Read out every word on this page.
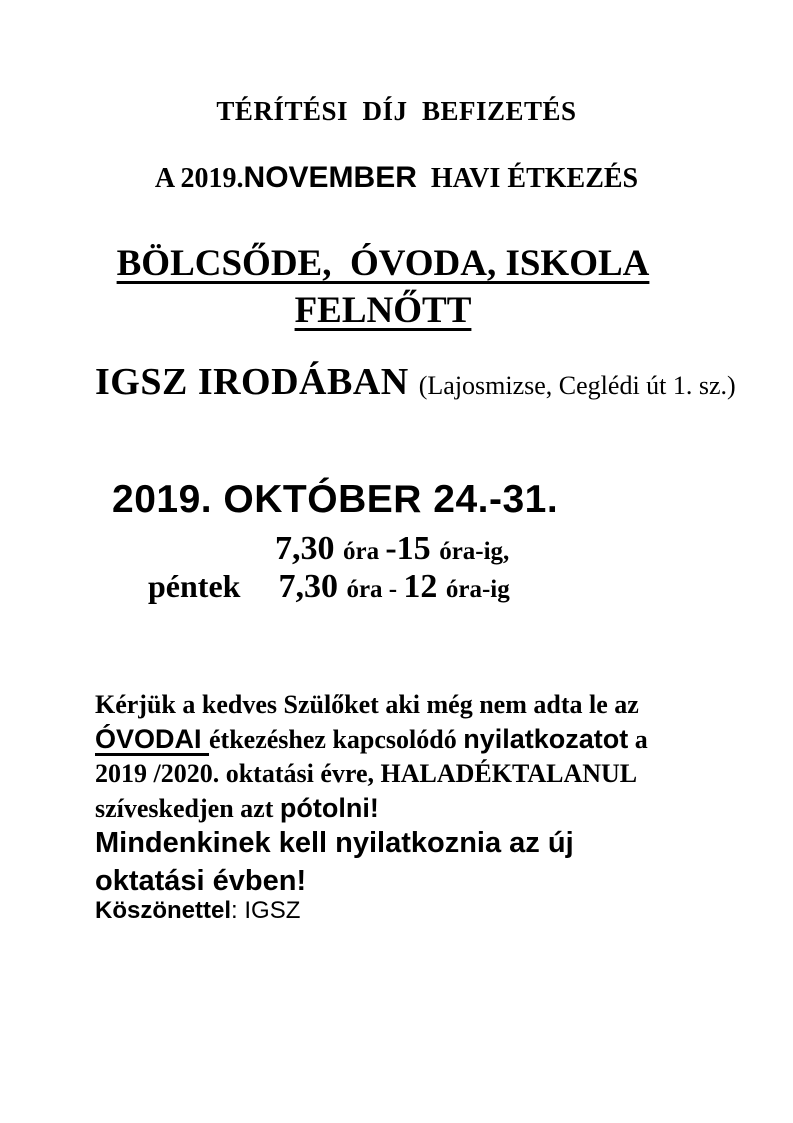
TÉRÍTÉSI  DÍJ  BEFIZETÉS
A 2019.NOVEMBER  HAVI ÉTKEZÉS
BÖLCSŐDE,  ÓVODA, ISKOLA
FELNŐTT
IGSZ IRODÁBAN (Lajosmizse, Ceglédi út 1. sz.)
2019. OKTÓBER 24.-31.
7,30 óra -15 óra-ig,
péntek 7,30 óra - 12 óra-ig
Kérjük a kedves Szülőket aki még nem adta le az
ÓVODAI étkezéshez kapcsolódó nyilatkozatot a
2019 /2020. oktatási évre, HALADÉKTALANUL
szíveskedjen azt pótolni!
Mindenkinek kell nyilatkoznia az új
oktatási évben!
Köszönettel: IGSZ
